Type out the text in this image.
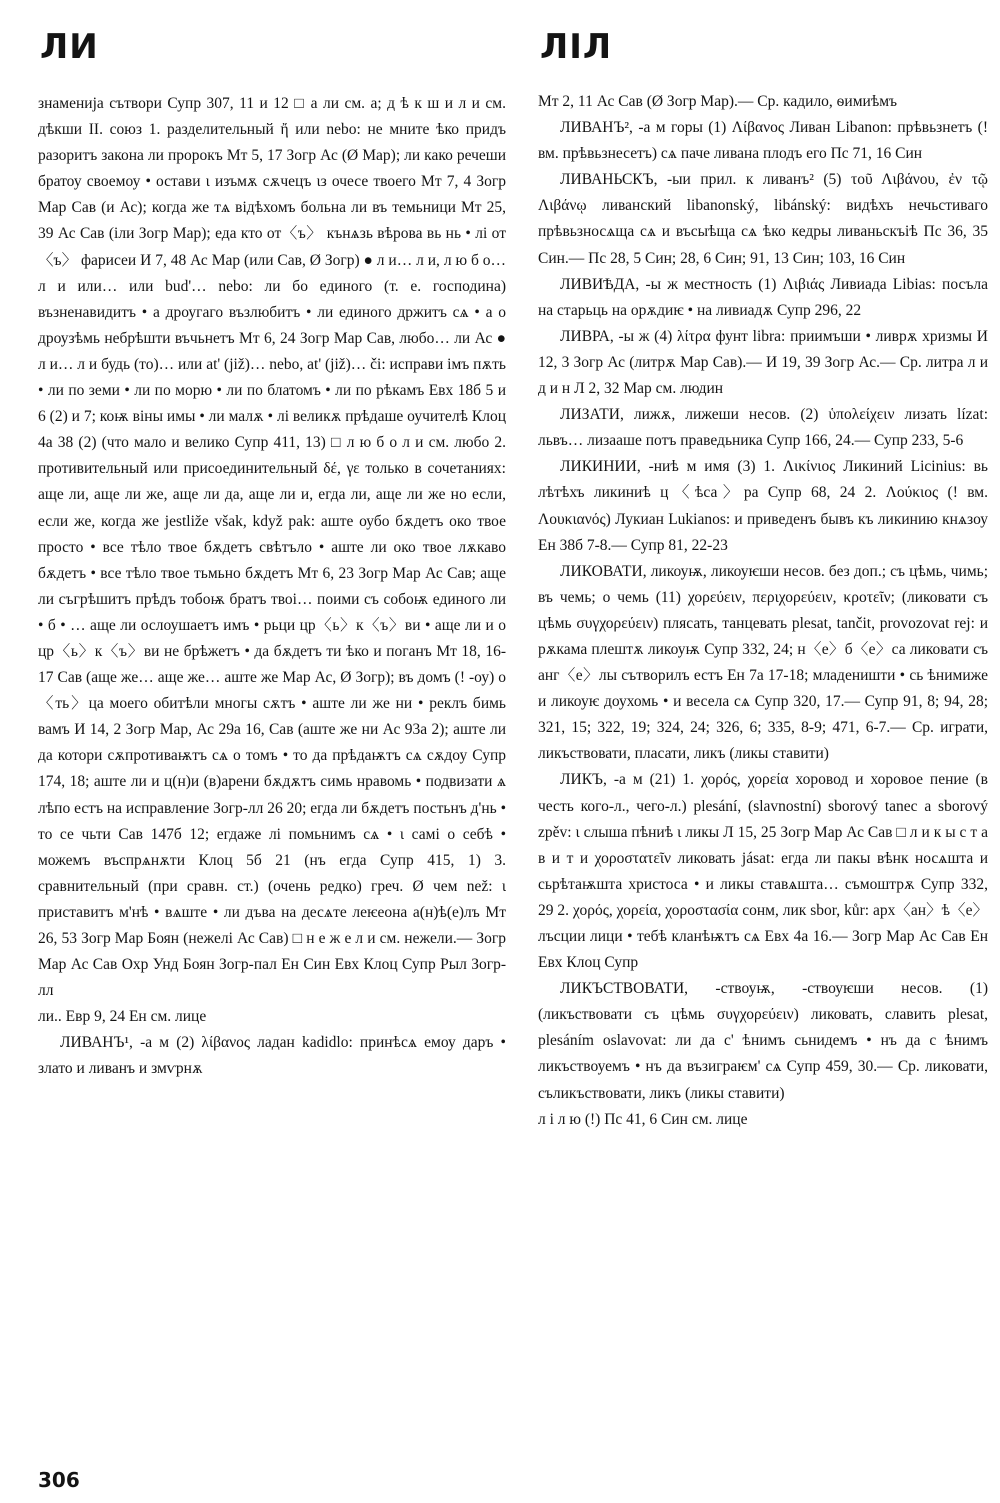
ЛИ	ЛІЛ

знаменија сътвори Супр 307, 11 и 12 □ а ли см. а; д ѣ к ш и л и см. дѣкши II. союз 1. разделительный ἤ или nebo: не мните ѣко придъ разоритъ закона ли пророкъ Мт 5, 17 Зогр Ас (Ø Мар); ли како речеши братоу своемоу • остави ι изъмѫ сѫчецъ ιз очесе твоего Мт 7, 4 Зогр Мар Сав (и Ас); когда же тѧ відѣхомъ больна ли въ темьници Мт 25, 39 Ас Сав (іли Зогр Мар); еда кто от〈ъ〉 кънѧзь вѣрова вь нь • лі от〈ъ〉 фарисеи И 7, 48 Ас Мар (или Сав, Ø Зогр) ● л и… л и, л ю б о… л и или… или bud'… nebo: ли бо единого (т. е. господина) възненавидитъ • а дроугаго възлюбитъ • ли единого држитъ сѧ • а о дроузѣмь небрѣшти въчьнетъ Мт 6, 24 Зогр Мар Сав, любо… ли Ас ● л и… л и будь (то)… или at' (již)… nebo, at' (již)… či: исправи імъ пѫть • ли по земи • ли по морю • ли по блатомъ • ли по рѣкамъ Евх 18б 5 и 6 (2) и 7; коѭ віны имы • ли малѫ • лі великѫ прѣдаше оучителѣ Клоц 4а 38 (2) (что мало и велико Супр 411, 13) □ л ю б о л и см. любо 2. противительный или присоединительный δέ, γε только в сочетаниях: аще ли, аще ли же, аще ли да, аще ли и, егда ли, аще ли же но если, если же, когда же jestliže však, když pak: аште оубо бѫдетъ око твое просто • все тѣло твое бѫдетъ свѣтъло • аште ли око твое лѫкаво бѫдетъ • все тѣло твое тьмьно бѫдетъ Мт 6, 23 Зогр Мар Ас Сав; аще ли съгрѣшитъ прѣдъ тобоѭ братъ твоі… поими съ собоѭ единого ли • б • … аще ли ослоушаетъ имъ • рьци цр〈ь〉к〈ъ〉ви • аще ли и о цр〈ь〉к〈ъ〉ви не брѣжетъ • да бѫдетъ ти ѣко и поганъ Мт 18, 16-17 Сав (аще же… аще же… аште же Мар Ас, Ø Зогр); въ домъ (! -оу) о〈ть〉ца моего обитѣли многы сѫтъ • аште ли же ни • реклъ бимь вамъ И 14, 2 Зогр Мар, Ас 29а 16, Сав (аште же ни Ас 93а 2); аште ли да котори сѫпротиваѭтъ сѧ о томъ • то да прѣдаѭтъ сѧ сѫдоу Супр 174, 18; аште ли и ц(н)и (в)арени бѫдѫтъ симь нравомь • подвизати ѧ лѣпо естъ на исправление Зогр-лл 26 20; егда ли бѫдетъ постьнъ д'нь • то се чьти Сав 147б 12; егдаже лі помьнимъ сѧ • ι самі о себѣ • можемъ въспрѧнѫти Клоц 5б 21 (нъ егда Супр 415, 1) 3. сравнительный (при сравн. ст.) (очень редко) греч. Ø чем než: ι приставитъ м'нѣ • вѧште • ли дъва на десѧте леѥеона а(н)ѣ(е)лъ Мт 26, 53 Зогр Мар Боян (нежелі Ас Сав) □ н е ж е л и см. нежели.— Зогр Мар Ас Сав Охр Унд Боян Зогр-пал Ен Син Евх Клоц Супр Рыл Зогр-лл

ли.. Евр 9, 24 Ен см. лице

ЛИВАНЪ¹, -а м (2) λίβανος ладан kadidlo: принѣсѧ емоу даръ • злато и ливанъ и змѵрнѫ

Мт 2, 11 Ас Сав (Ø Зогр Мар).— Ср. кадило, ѳимиѣмъ

ЛИВАНЪ², -а м горы (1) Λίβανος Ливан Libanon: прѣвьзнетъ (! вм. прѣвьзнесетъ) сѧ паче ливана плодъ его Пс 71, 16 Син

ЛИВАНЬСКЪ, -ыи прил. к ливанъ² (5) τοῦ Λιβάνου, ἐν τῷ Λιβάνῳ ливанский libanonský, libánský: видѣхъ нечьстиваго прѣвьзносѧща сѧ и въсыѣща сѧ ѣко кедры ливаньскъіѣ Пс 36, 35 Син.— Пс 28, 5 Син; 28, 6 Син; 91, 13 Син; 103, 16 Син

ЛИВИѢДА, -ы ж местность (1) Λιβιάς Ливиада Libias: посъла на старьць на орѫдиѥ • на ливиадѫ Супр 296, 22

ЛИВРА, -ы ж (4) λίτρα фунт libra: приимъши • ливрѫ хризмы И 12, 3 Зогр Ас (литрѫ Мар Сав).— И 19, 39 Зогр Ас.— Ср. литра л и д и н Л 2, 32 Мар см. людин

ЛИЗАТИ, лижѫ, лижеши несов. (2) ὑπολείχειν лизать lízat: львъ… лизааше потъ праведьника Супр 166, 24.— Супр 233, 5-6

ЛИКИНИИ, -ниѣ м имя (3) 1. Λικίνιος Ликиний Licinius: вь лѣтѣхъ ликиниѣ ц〈ѣса〉ра Супр 68, 24 2. Λούκιος (! вм. Λουκιανός) Лукиан Lukianos: и приведенъ бывъ къ ликинию кнѧзоу Ен 38б 7-8.— Супр 81, 22-23

ЛИКОВАТИ, ликоуѭ, ликоуѥши несов. без доп.; съ цѣмь, чимь; въ чемь; о чемь (11) χορεύειν, περιχορεύειν, κροτεῖν; (ликовати съ цѣмь συγχορεύειν) плясать, танцевать plesat, tančit, provozovat rej: и рѫкама плештѫ ликоуѭ Супр 332, 24; н〈е〉б〈е〉са ликовати съ анг〈е〉лы сътворилъ естъ Ен 7а 17-18; младеништи • сь ѣнимиже и ликоуѥ доухомь • и весела сѧ Супр 320, 17.— Супр 91, 8; 94, 28; 321, 15; 322, 19; 324, 24; 326, 6; 335, 8-9; 471, 6-7.— Ср. играти, ликъствовати, пласати, ликъ (ликы ставити)

ЛИКЪ, -а м (21) 1. χορός, χορεία хоровод и хоровое пение (в честь кого-л., чего-л.) plesání, (slavnostní) sborový tanec a sborový zpěv: ι слыша пѣниѣ ι ликы Л 15, 25 Зогр Мар Ас Сав □ л и к ы с т а в и т и χοροστατεῖν ликовать jásat: егда ли пакы вѣнк носѧшта и сьрѣтаѭшта христоса • и ликы ставѧшта… съмоштрѫ Супр 332, 29 2. χορός, χορεία, χοροστασία сонм, лик sbor, kůr: арх〈ан〉ѣ〈е〉лъсции лици • тебѣ кланѣѭтъ сѧ Евх 4а 16.— Зогр Мар Ас Сав Ен Евх Клоц Супр

ЛИКЪСТВОВАТИ, -ствоуѭ, -ствоуѥши несов. (1) (ликъствовати съ цѣмь συγχορεύειν) ликовать, славить plesat, plesáním oslavovat: ли да с' ѣнимъ сьнидемъ • нъ да с ѣнимъ ликъствоуемъ • нъ да възиграѥм' сѧ Супр 459, 30.— Ср. ликовати, съликъствовати, ликъ (ликы ставити)

л і л ю (!) Пс 41, 6 Син см. лице

306
